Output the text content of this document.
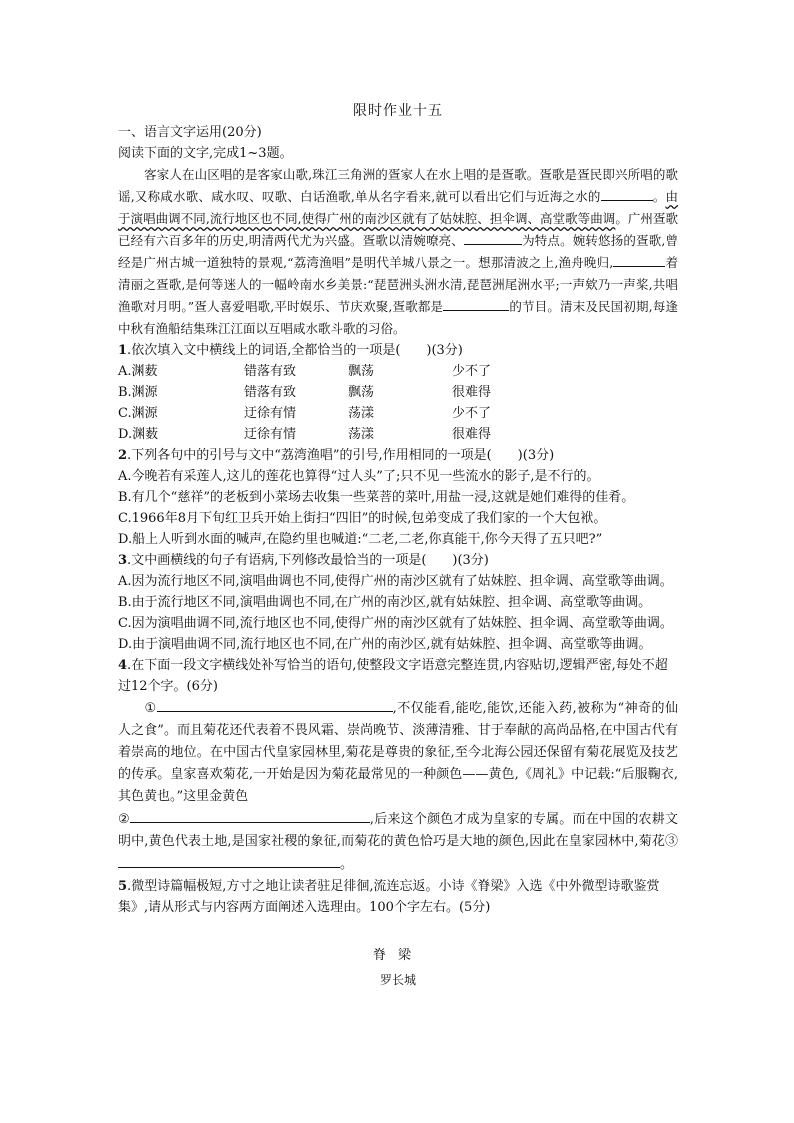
限时作业十五
一、语言文字运用(20分)
阅读下面的文字,完成1~3题。
客家人在山区唱的是客家山歌,珠江三角洲的疍家人在水上唱的是疍歌。疍歌是疍民即兴所唱的歌谣,又称咸水歌、咸水叹、叹歌、白话渔歌,单从名字看来,就可以看出它们与近海之水的	。由于演唱曲调不同,流行地区也不同,使得广州的南沙区就有了姑妹腔、担伞调、高堂歌等曲调。广州疍歌已经有六百多年的历史,明清两代尤为兴盛。疍歌以清婉嘹亮、	为特点。婉转悠扬的疍歌,曾经是广州古城一道独特的景观,“荔湾渔唱”是明代羊城八景之一。想那清波之上,渔舟晚归,	着清丽之疍歌,是何等迷人的一幅岭南水乡美景:“琵琶洲头洲水清,琵琶洲尾洲水平;一声欸乃一声桨,共唱渔歌对月明。”疍人喜爱唱歌,平时娱乐、节庆欢聚,疍歌都是	的节目。清末及民国初期,每逢中秋有渔船结集珠江江面以互唱咸水歌斗歌的习俗。
1.依次填入文中横线上的词语,全都恰当的一项是(　　)(3分)
A.渊薮	错落有致	飘荡	少不了
B.渊源	错落有致	飘荡	很难得
C.渊源	迂徐有情	荡漾	少不了
D.渊薮	迂徐有情	荡漾	很难得
2.下列各句中的引号与文中“荔湾渔唱”的引号,作用相同的一项是(　　)(3分)
A.今晚若有采莲人,这儿的莲花也算得“过人头”了;只不见一些流水的影子,是不行的。
B.有几个“慈祥”的老板到小菜场去收集一些菜菩的菜叶,用盐一浸,这就是她们难得的佳肴。
C.1966年8月下旬红卫兵开始上街扫“四旧”的时候,包弟变成了我们家的一个大包袱。
D.船上人听到水面的喊声,在隐约里也喊道:“二老,二老,你真能干,你今天得了五只吧?”
3.文中画横线的句子有语病,下列修改最恰当的一项是(　　)(3分)
A.因为流行地区不同,演唱曲调也不同,使得广州的南沙区就有了姑妹腔、担伞调、高堂歌等曲调。
B.由于流行地区不同,演唱曲调也不同,在广州的南沙区,就有姑妹腔、担伞调、高堂歌等曲调。
C.因为演唱曲调不同,流行地区也不同,使得广州的南沙区就有了姑妹腔、担伞调、高堂歌等曲调。
D.由于演唱曲调不同,流行地区也不同,在广州的南沙区,就有姑妹腔、担伞调、高堂歌等曲调。
4.在下面一段文字横线处补写恰当的语句,使整段文字语意完整连贯,内容贴切,逻辑严密,每处不超过12个字。(6分)
①	,不仅能看,能吃,能饮,还能入药,被称为“神奇的仙人之食”。而且菊花还代表着不畏风霜、崇尚晚节、淡薄清雅、甘于奉献的高尚品格,在中国古代有着崇高的地位。在中国古代皇家园林里,菊花是尊贵的象征,至今北海公园还保留有菊花展览及技艺的传承。皇家喜欢菊花,一开始是因为菊花最常见的一种颜色——黄色,《周礼》中记载:“后服鞠衣,其色黄也。”这里金黄色
②	,后来这个颜色才成为皇家的专属。而在中国的农耕文明中,黄色代表土地,是国家社稷的象征,而菊花的黄色恰巧是大地的颜色,因此在皇家园林中,菊花③。
5.微型诗篇幅极短,方寸之地让读者驻足徘徊,流连忘返。小诗《脊梁》入选《中外微型诗歌鉴赏集》,请从形式与内容两方面阐述入选理由。100个字左右。(5分)
脊梁
罗长城
